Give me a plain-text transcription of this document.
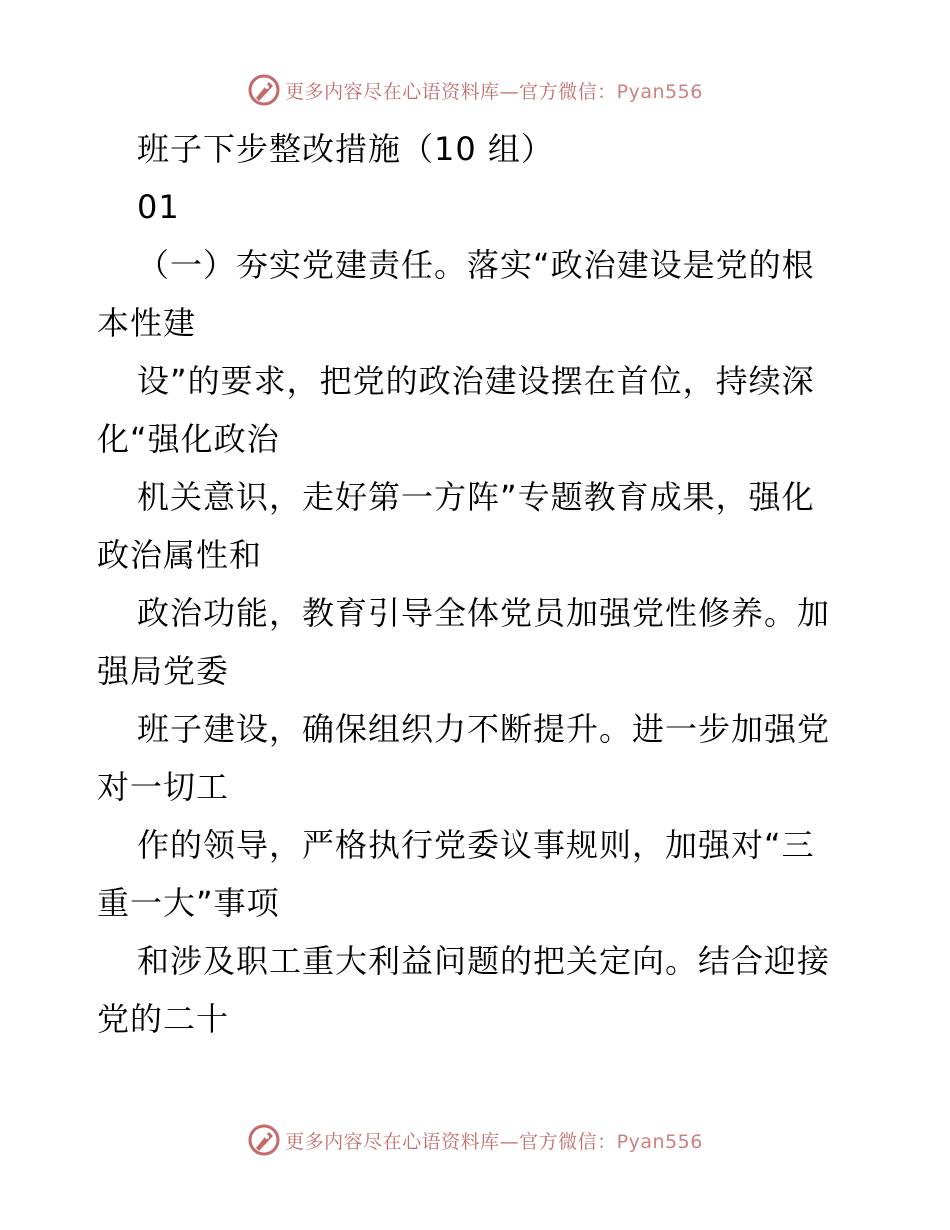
更多内容尽在心语资料库—官方微信：Pyan556
班子下步整改措施（10 组）
01
（一）夯实党建责任。落实“政治建设是党的根
本性建
设”的要求，把党的政治建设摆在首位，持续深
化“强化政治
机关意识，走好第一方阵”专题教育成果，强化
政治属性和
政治功能，教育引导全体党员加强党性修养。加
强局党委
班子建设，确保组织力不断提升。进一步加强党
对一切工
作的领导，严格执行党委议事规则，加强对“三
重一大”事项
和涉及职工重大利益问题的把关定向。结合迎接
党的二十
更多内容尽在心语资料库—官方微信：Pyan556
